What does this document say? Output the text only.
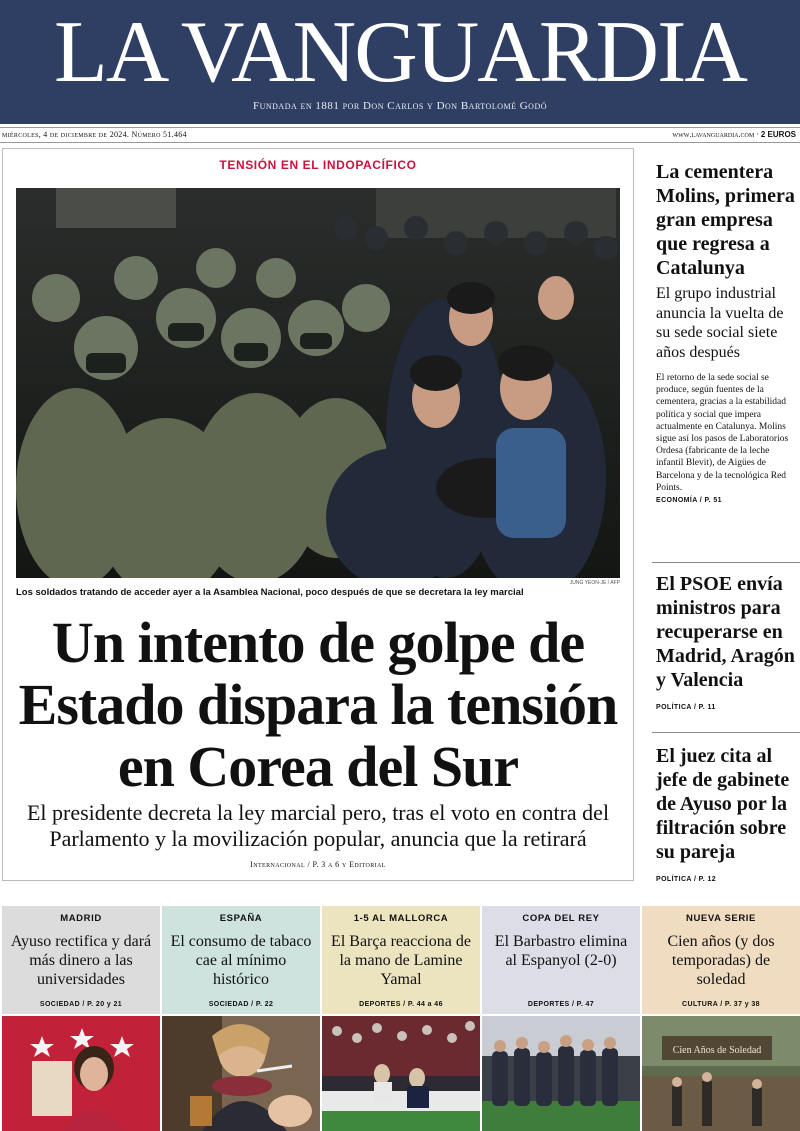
LA VANGUARDIA
Fundada en 1881 por Don Carlos y Don Bartolomé Godó
miércoles, 4 de diciembre de 2024. Número 51.464	www.lavanguardia.com · 2 EUROS
TENSIÓN EN EL INDOPACÍFICO
JUNG YEON-JE / AFP
Los soldados tratando de acceder ayer a la Asamblea Nacional, poco después de que se decretara la ley marcial
Un intento de golpe de Estado dispara la tensión en Corea del Sur
El presidente decreta la ley marcial pero, tras el voto en contra del Parlamento y la movilización popular, anuncia que la retirará
Internacional / P. 3 a 6 y Editorial
La cementera Molins, primera gran empresa que regresa a Catalunya
El grupo industrial anuncia la vuelta de su sede social siete años después
El retorno de la sede social se produce, según fuentes de la cementera, gracias a la estabilidad política y social que impera actualmente en Catalunya. Molins sigue así los pasos de Laboratorios Ordesa (fabricante de la leche infantil Blevit), de Aigües de Barcelona y de la tecnológica Red Points.
ECONOMÍA / P. 51
El PSOE envía ministros para recuperarse en Madrid, Aragón y Valencia
POLÍTICA / P. 11
El juez cita al jefe de gabinete de Ayuso por la filtración sobre su pareja
POLÍTICA / P. 12
MADRID
Ayuso rectifica y dará más dinero a las universidades
SOCIEDAD / P. 20 y 21
ESPAÑA
El consumo de tabaco cae al mínimo histórico
SOCIEDAD / P. 22
1-5 AL MALLORCA
El Barça reacciona de la mano de Lamine Yamal
DEPORTES / P. 44 a 46
COPA DEL REY
El Barbastro elimina al Espanyol (2-0)
DEPORTES / P. 47
NUEVA SERIE
Cien años (y dos temporadas) de soledad
CULTURA / P. 37 y 38
Cien Años de Soledad
